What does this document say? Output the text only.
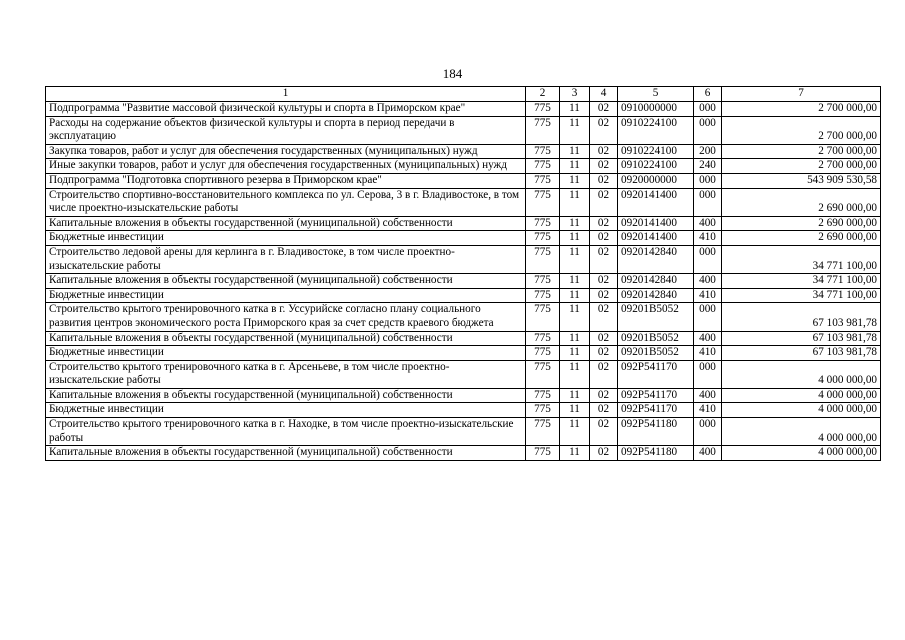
184
1	2	3	4	5	6	7
Подпрограмма "Развитие массовой физической культуры и спорта в Приморском крае"	775	11	02	0910000000	000	2 700 000,00
Расходы на содержание объектов физической культуры и спорта в период передачи в эксплуатацию	775	11	02	0910224100	000	2 700 000,00
Закупка товаров, работ и услуг для обеспечения государственных (муниципальных) нужд	775	11	02	0910224100	200	2 700 000,00
Иные закупки товаров, работ и услуг для обеспечения государственных (муниципальных) нужд	775	11	02	0910224100	240	2 700 000,00
Подпрограмма "Подготовка спортивного резерва в Приморском крае"	775	11	02	0920000000	000	543 909 530,58
Строительство спортивно-восстановительного комплекса по ул. Серова, 3 в г. Владивостоке, в том числе проектно-изыскательские работы	775	11	02	0920141400	000	2 690 000,00
Капитальные вложения в объекты государственной (муниципальной) собственности	775	11	02	0920141400	400	2 690 000,00
Бюджетные инвестиции	775	11	02	0920141400	410	2 690 000,00
Строительство ледовой арены для керлинга в г. Владивостоке, в том числе проектно-изыскательские работы	775	11	02	0920142840	000	34 771 100,00
Капитальные вложения в объекты государственной (муниципальной) собственности	775	11	02	0920142840	400	34 771 100,00
Бюджетные инвестиции	775	11	02	0920142840	410	34 771 100,00
Строительство крытого тренировочного катка в г. Уссурийске согласно плану социального развития центров экономического роста Приморского края за счет средств краевого бюджета	775	11	02	09201В5052	000	67 103 981,78
Капитальные вложения в объекты государственной (муниципальной) собственности	775	11	02	09201В5052	400	67 103 981,78
Бюджетные инвестиции	775	11	02	09201В5052	410	67 103 981,78
Строительство крытого тренировочного катка в г. Арсеньеве, в том числе проектно-изыскательские работы	775	11	02	092Р541170	000	4 000 000,00
Капитальные вложения в объекты государственной (муниципальной) собственности	775	11	02	092Р541170	400	4 000 000,00
Бюджетные инвестиции	775	11	02	092Р541170	410	4 000 000,00
Строительство крытого тренировочного катка в г. Находке, в том числе проектно-изыскательские работы	775	11	02	092Р541180	000	4 000 000,00
Капитальные вложения в объекты государственной (муниципальной) собственности	775	11	02	092Р541180	400	4 000 000,00
